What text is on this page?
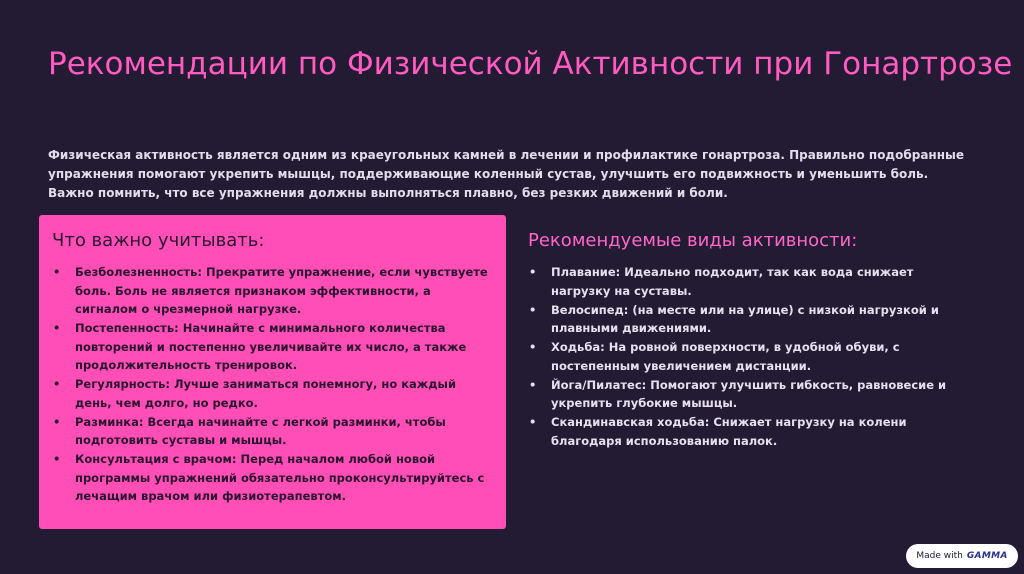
Рекомендации по Физической Активности при Гонартрозе

Физическая активность является одним из краеугольных камней в лечении и профилактике гонартроза. Правильно подобранные упражнения помогают укрепить мышцы, поддерживающие коленный сустав, улучшить его подвижность и уменьшить боль. Важно помнить, что все упражнения должны выполняться плавно, без резких движений и боли.

Что важно учитывать:
• Безболезненность: Прекратите упражнение, если чувствуете боль. Боль не является признаком эффективности, а сигналом о чрезмерной нагрузке.
• Постепенность: Начинайте с минимального количества повторений и постепенно увеличивайте их число, а также продолжительность тренировок.
• Регулярность: Лучше заниматься понемногу, но каждый день, чем долго, но редко.
• Разминка: Всегда начинайте с легкой разминки, чтобы подготовить суставы и мышцы.
• Консультация с врачом: Перед началом любой новой программы упражнений обязательно проконсультируйтесь с лечащим врачом или физиотерапевтом.
Рекомендуемые виды активности:
• Плавание: Идеально подходит, так как вода снижает нагрузку на суставы.
• Велосипед: (на месте или на улице) с низкой нагрузкой и плавными движениями.
• Ходьба: На ровной поверхности, в удобной обуви, с постепенным увеличением дистанции.
• Йога/Пилатес: Помогают улучшить гибкость, равновесие и укрепить глубокие мышцы.
• Скандинавская ходьба: Снижает нагрузку на колени благодаря использованию палок.
Made with GAMMA
